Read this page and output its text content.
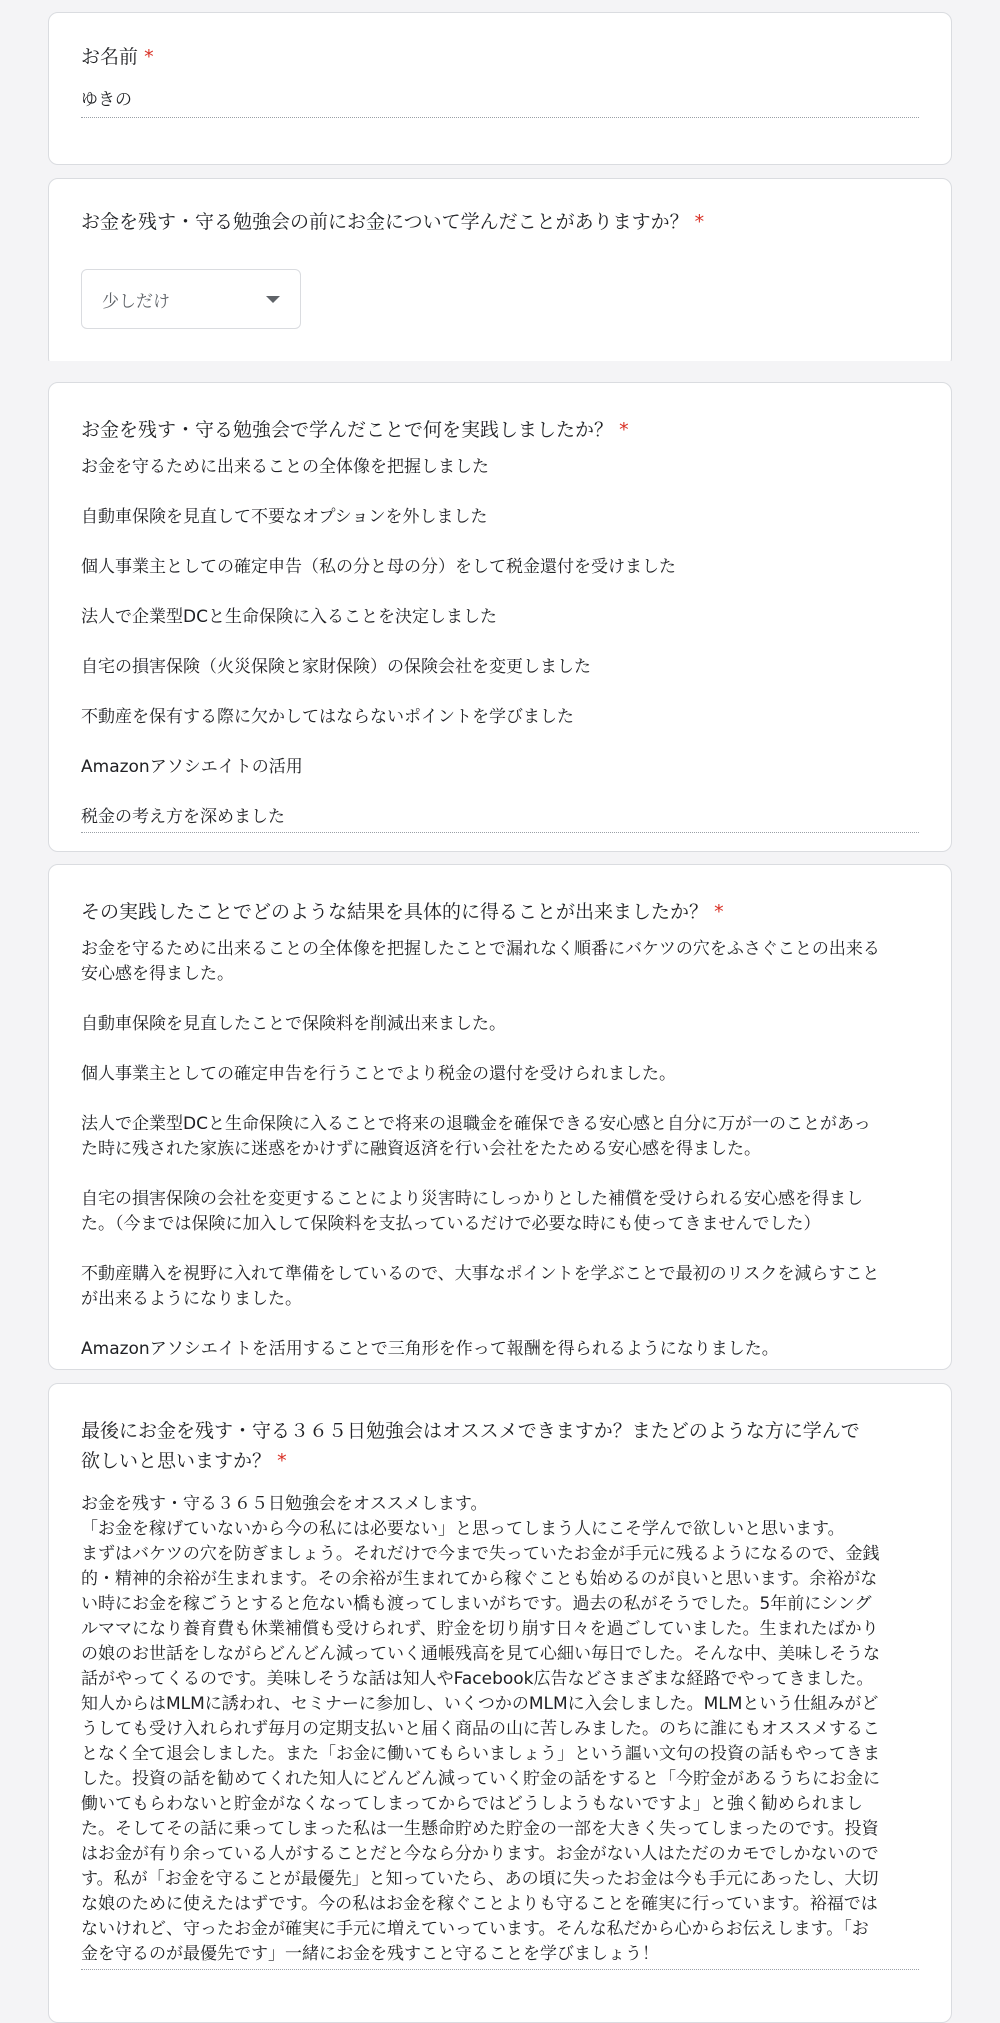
お名前 *
ゆきの
お金を残す・守る勉強会の前にお金について学んだことがありますか？ *
少しだけ
お金を残す・守る勉強会で学んだことで何を実践しましたか？ *

お金を守るために出来ることの全体像を把握しました

自動車保険を見直して不要なオプションを外しました

個人事業主としての確定申告（私の分と母の分）をして税金還付を受けました

法人で企業型DCと生命保険に入ることを決定しました

自宅の損害保険（火災保険と家財保険）の保険会社を変更しました

不動産を保有する際に欠かしてはならないポイントを学びました

Amazonアソシエイトの活用

税金の考え方を深めました

その実践したことでどのような結果を具体的に得ることが出来ましたか？ *

お金を守るために出来ることの全体像を把握したことで漏れなく順番にバケツの穴をふさぐことの出来る
安心感を得ました。

自動車保険を見直したことで保険料を削減出来ました。

個人事業主としての確定申告を行うことでより税金の還付を受けられました。

法人で企業型DCと生命保険に入ることで将来の退職金を確保できる安心感と自分に万が一のことがあっ
た時に残された家族に迷惑をかけずに融資返済を行い会社をたためる安心感を得ました。

自宅の損害保険の会社を変更することにより災害時にしっかりとした補償を受けられる安心感を得まし
た。（今までは保険に加入して保険料を支払っているだけで必要な時にも使ってきませんでした）

不動産購入を視野に入れて準備をしているので、大事なポイントを学ぶことで最初のリスクを減らすこと
が出来るようになりました。

Amazonアソシエイトを活用することで三角形を作って報酬を得られるようになりました。

最後にお金を残す・守る３６５日勉強会はオススメできますか？またどのような方に学んで
欲しいと思いますか？ *
お金を残す・守る３６５日勉強会をオススメします。
「お金を稼げていないから今の私には必要ない」と思ってしまう人にこそ学んで欲しいと思います。
まずはバケツの穴を防ぎましょう。それだけで今まで失っていたお金が手元に残るようになるので、金銭
的・精神的余裕が生まれます。その余裕が生まれてから稼ぐことも始めるのが良いと思います。余裕がな
い時にお金を稼ごうとすると危ない橋も渡ってしまいがちです。過去の私がそうでした。5年前にシング
ルママになり養育費も休業補償も受けられず、貯金を切り崩す日々を過ごしていました。生まれたばかり
の娘のお世話をしながらどんどん減っていく通帳残高を見て心細い毎日でした。そんな中、美味しそうな
話がやってくるのです。美味しそうな話は知人やFacebook広告などさまざまな経路でやってきました。
知人からはMLMに誘われ、セミナーに参加し、いくつかのMLMに入会しました。MLMという仕組みがど
うしても受け入れられず毎月の定期支払いと届く商品の山に苦しみました。のちに誰にもオススメするこ
となく全て退会しました。また「お金に働いてもらいましょう」という謳い文句の投資の話もやってきま
した。投資の話を勧めてくれた知人にどんどん減っていく貯金の話をすると「今貯金があるうちにお金に
働いてもらわないと貯金がなくなってしまってからではどうしようもないですよ」と強く勧められまし
た。そしてその話に乗ってしまった私は一生懸命貯めた貯金の一部を大きく失ってしまったのです。投資
はお金が有り余っている人がすることだと今なら分かります。お金がない人はただのカモでしかないので
す。私が「お金を守ることが最優先」と知っていたら、あの頃に失ったお金は今も手元にあったし、大切
な娘のために使えたはずです。今の私はお金を稼ぐことよりも守ることを確実に行っています。裕福では
ないけれど、守ったお金が確実に手元に増えていっています。そんな私だから心からお伝えします。「お
金を守るのが最優先です」一緒にお金を残すこと守ることを学びましょう！
